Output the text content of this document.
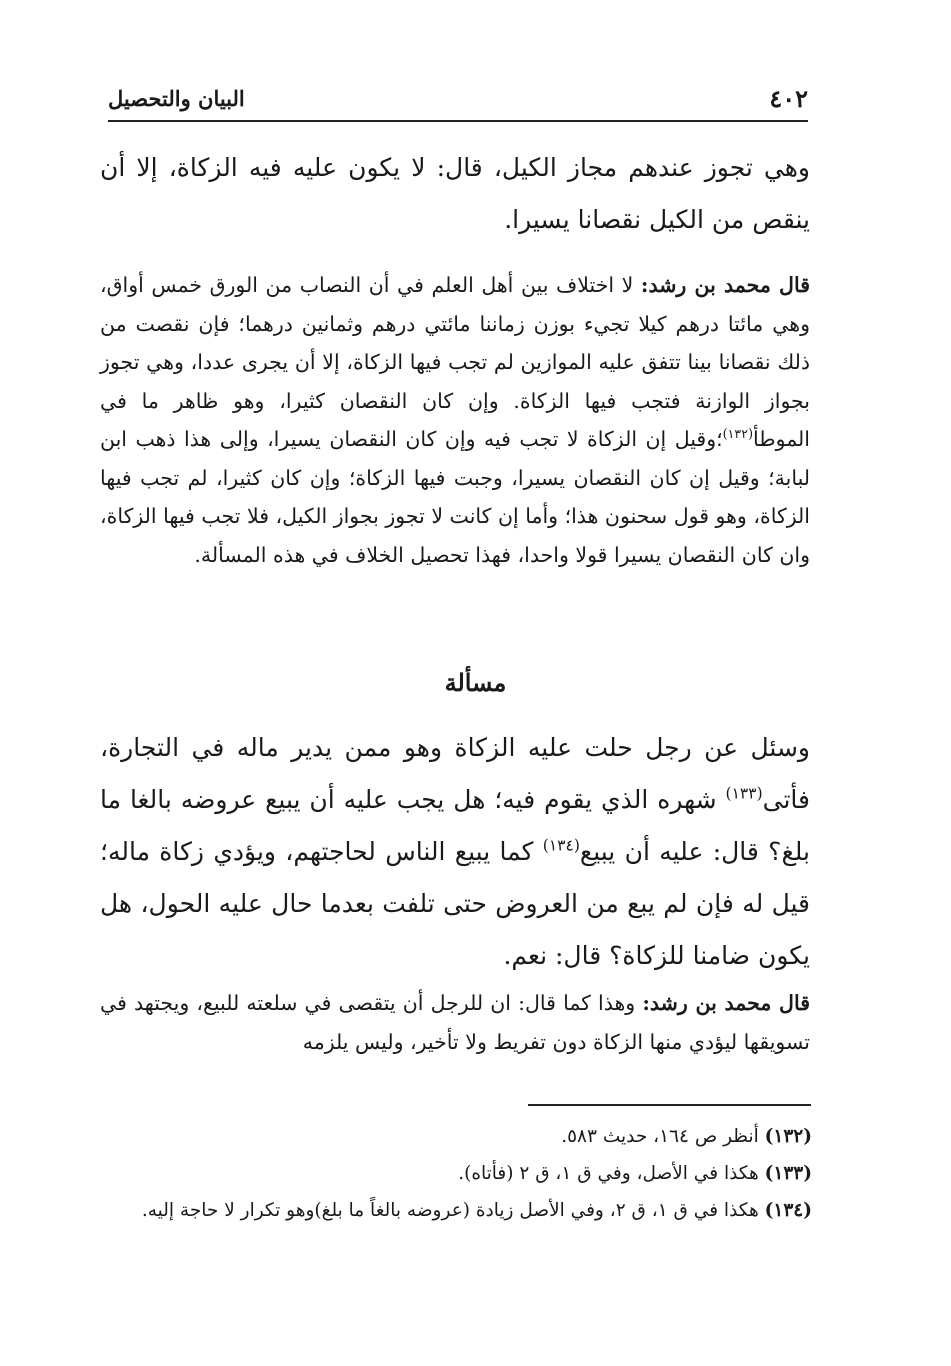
٤٠٢
البيان والتحصيل

وهي تجوز عندهم مجاز الكيل، قال: لا يكون عليه فيه الزكاة، إلا أن ينقص من الكيل نقصانا يسيرا.

قال محمد بن رشد: لا اختلاف بين أهل العلم في أن النصاب من الورق خمس أواق، وهي مائتا درهم كيلا تجيء بوزن زماننا مائتي درهم وثمانين درهما؛ فإن نقصت من ذلك نقصانا بينا تتفق عليه الموازين لم تجب فيها الزكاة، إلا أن يجرى عددا، وهي تجوز بجواز الوازنة فتجب فيها الزكاة. وإن كان النقصان كثيرا، وهو ظاهر ما في الموطأ$^{(١٣٢)}$؛وقيل إن الزكاة لا تجب فيه وإن كان النقصان يسيرا، وإلى هذا ذهب ابن لبابة؛ وقيل إن كان النقصان يسيرا، وجبت فيها الزكاة؛ وإن كان كثيرا، لم تجب فيها الزكاة، وهو قول سحنون هذا؛ وأما إن كانت لا تجوز بجواز الكيل، فلا تجب فيها الزكاة، وان كان النقصان يسيرا قولا واحدا، فهذا تحصيل الخلاف في هذه المسألة.

مسألة

وسئل عن رجل حلت عليه الزكاة وهو ممن يدير ماله في التجارة، فأتى$^{(١٣٣)}$ شهره الذي يقوم فيه؛ هل يجب عليه أن يبيع عروضه بالغا ما بلغ؟ قال: عليه أن يبيع$^{(١٣٤)}$ كما يبيع الناس لحاجتهم، ويؤدي زكاة ماله؛ قيل له فإن لم يبع من العروض حتى تلفت بعدما حال عليه الحول، هل يكون ضامنا للزكاة؟ قال: نعم.

قال محمد بن رشد: وهذا كما قال: ان للرجل أن يتقصى في سلعته للبيع، ويجتهد في تسويقها ليؤدي منها الزكاة دون تفريط ولا تأخير، وليس يلزمه

(١٣٢) أنظر ص ١٦٤، حديث ٥٨٣.

(١٣٣) هكذا في الأصل، وفي ق ١، ق ٢ (فأتاه).

(١٣٤) هكذا في ق ١، ق ٢، وفي الأصل زيادة (عروضه بالغاً ما بلغ)وهو تكرار لا حاجة إليه.
